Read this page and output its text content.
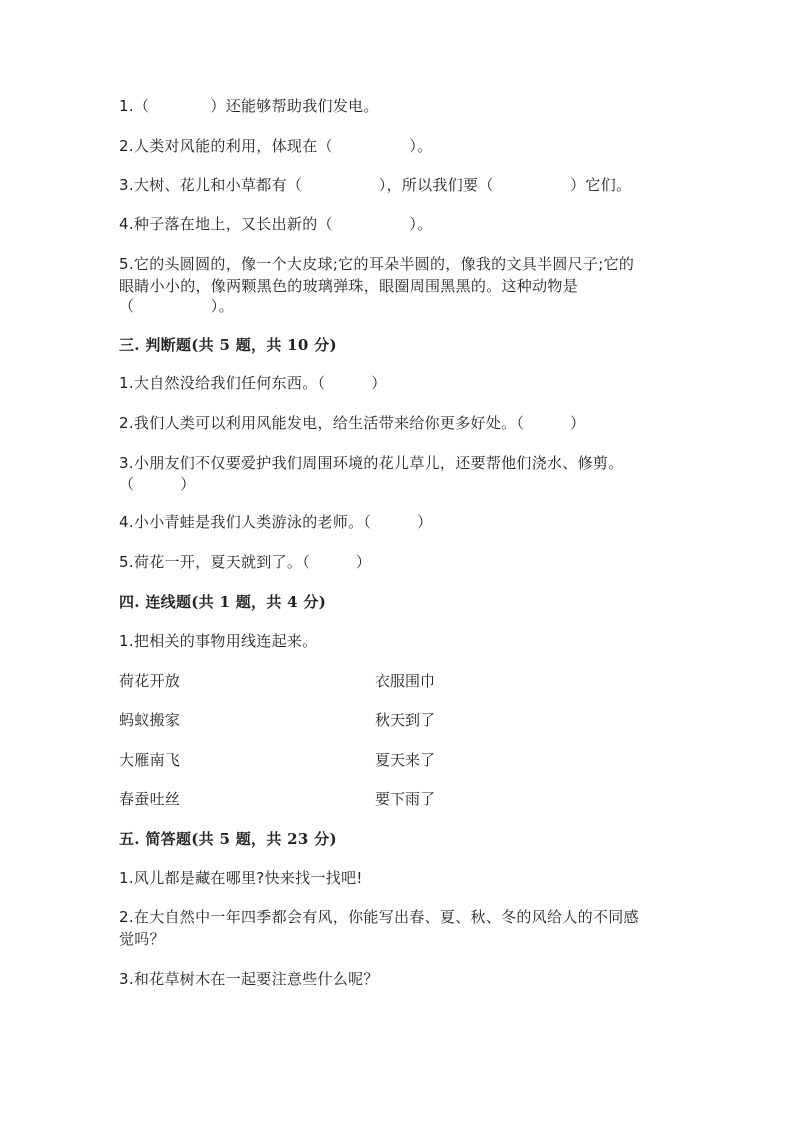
1.（　　　　）还能够帮助我们发电。
2.人类对风能的利用，体现在（　　　　　）。
3.大树、花儿和小草都有（　　　　　），所以我们要（　　　　　）它们。
4.种子落在地上，又长出新的（　　　　　）。
5.它的头圆圆的，像一个大皮球;它的耳朵半圆的，像我的文具半圆尺子;它的
眼睛小小的，像两颗黑色的玻璃弹珠，眼圈周围黑黑的。这种动物是
（　　　　　）。
三. 判断题(共 5 题，共 10 分)
1.大自然没给我们任何东西。（　　　）
2.我们人类可以利用风能发电，给生活带来给你更多好处。（　　　）
3.小朋友们不仅要爱护我们周围环境的花儿草儿，还要帮他们浇水、修剪。
（　　　）
4.小小青蛙是我们人类游泳的老师。（　　　）
5.荷花一开，夏天就到了。（　　　）
四. 连线题(共 1 题，共 4 分)
1.把相关的事物用线连起来。
荷花开放	衣服围巾
蚂蚁搬家	秋天到了
大雁南飞	夏天来了
春蚕吐丝	要下雨了
五. 简答题(共 5 题，共 23 分)
1.风儿都是藏在哪里?快来找一找吧!
2.在大自然中一年四季都会有风，你能写出春、夏、秋、冬的风给人的不同感
觉吗？
3.和花草树木在一起要注意些什么呢？
